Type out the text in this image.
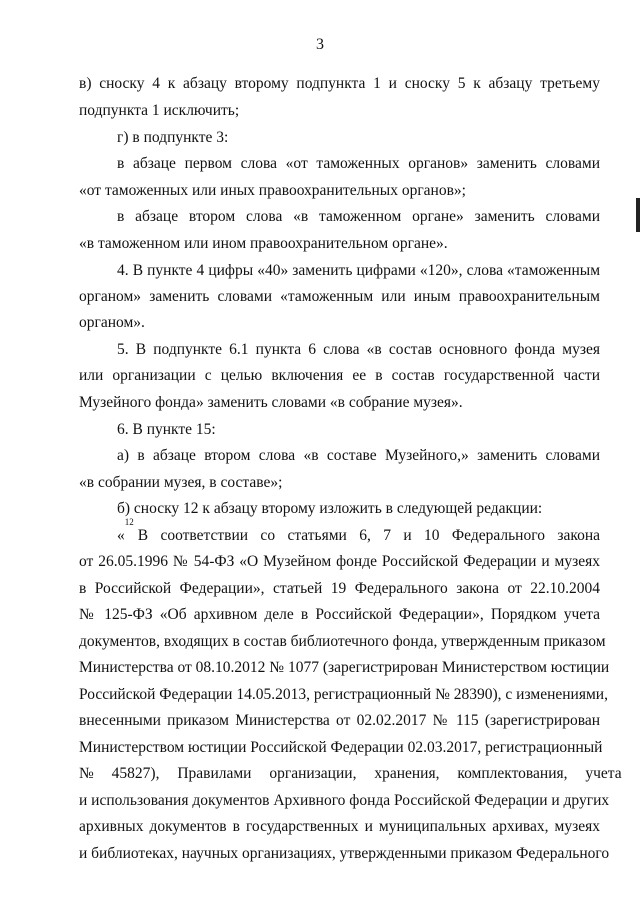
3
в) сноску 4 к абзацу второму подпункта 1 и сноску 5 к абзацу третьему
подпункта 1 исключить;
г) в подпункте 3:
в абзаце первом слова «от таможенных органов» заменить словами
«от таможенных или иных правоохранительных органов»;
в абзаце втором слова «в таможенном органе» заменить словами
«в таможенном или ином правоохранительном органе».
4. В пункте 4 цифры «40» заменить цифрами «120», слова «таможенным
органом» заменить словами «таможенным или иным правоохранительным
органом».
5. В подпункте 6.1 пункта 6 слова «в состав основного фонда музея
или организации с целью включения ее в состав государственной части
Музейного фонда» заменить словами «в собрание музея».
6. В пункте 15:
а) в абзаце втором слова «в составе Музейного,» заменить словами
«в собрании музея, в составе»;
б) сноску 12 к абзацу второму изложить в следующей редакции:
«
12
В соответствии со статьями 6, 7 и 10 Федерального закона
от 26.05.1996 № 54-ФЗ «О Музейном фонде Российской Федерации и музеях
в Российской Федерации», статьей 19 Федерального закона от 22.10.2004
№ 125-ФЗ «Об архивном деле в Российской Федерации», Порядком учета
документов, входящих в состав библиотечного фонда, утвержденным приказом
Министерства от 08.10.2012 № 1077 (зарегистрирован Министерством юстиции
Российской Федерации 14.05.2013, регистрационный № 28390), с изменениями,
внесенными приказом Министерства от 02.02.2017 № 115 (зарегистрирован
Министерством юстиции Российской Федерации 02.03.2017, регистрационный
№ 45827), Правилами организации, хранения, комплектования, учета
и использования документов Архивного фонда Российской Федерации и других
архивных документов в государственных и муниципальных архивах, музеях
и библиотеках, научных организациях, утвержденными приказом Федерального
